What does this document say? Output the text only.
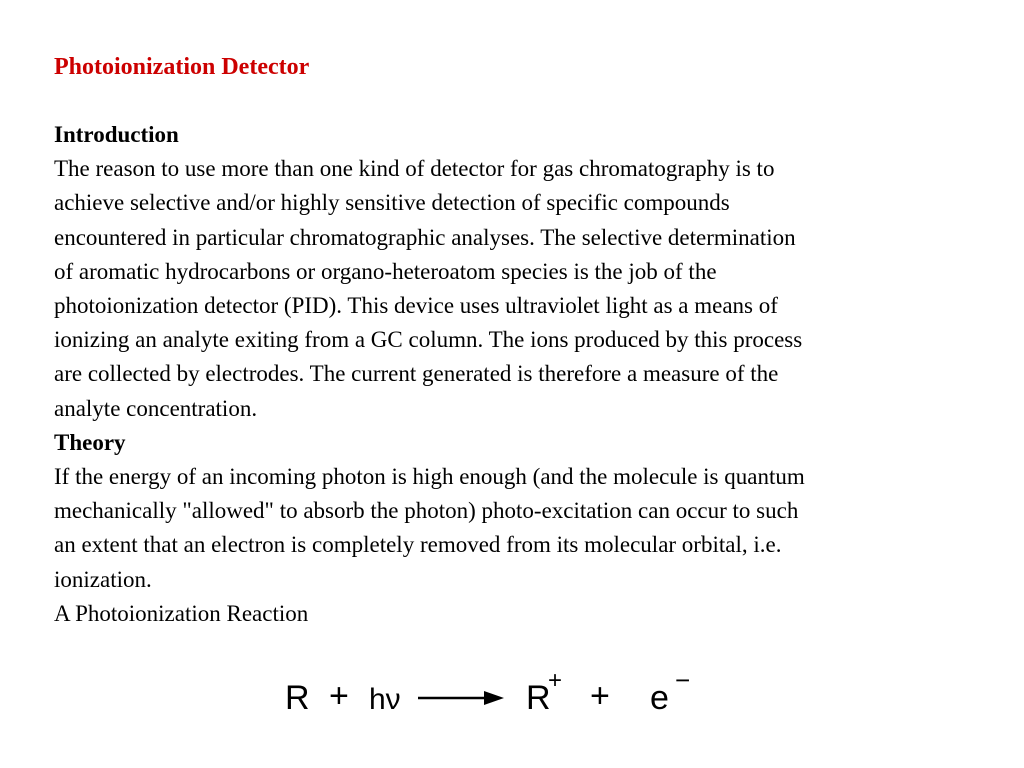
Photoionization Detector
Introduction
The reason to use more than one kind of detector for gas chromatography is to
achieve selective and/or highly sensitive detection of specific compounds
encountered in particular chromatographic analyses. The selective determination
of aromatic hydrocarbons or organo-heteroatom species is the job of the
photoionization detector (PID). This device uses ultraviolet light as a means of
ionizing an analyte exiting from a GC column. The ions produced by this process
are collected by electrodes. The current generated is therefore a measure of the
analyte concentration.
Theory
If the energy of an incoming photon is high enough (and the molecule is quantum
mechanically "allowed" to absorb the photon) photo-excitation can occur to such
an extent that an electron is completely removed from its molecular orbital, i.e.
ionization.
A Photoionization Reaction
R + hν	R
+ + e −
